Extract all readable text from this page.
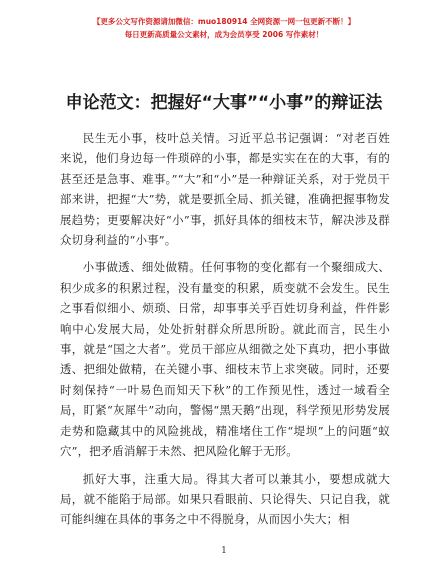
【更多公文写作资源请加微信：muo180914 全网资源一网一包更新不断！】
每日更新高质量公文素材，成为会员享受 2006 写作素材！
申论范文：把握好“大事”“小事”的辩证法

民生无小事，枝叶总关情。习近平总书记强调：“对老百姓来说，他们身边每一件琐碎的小事，都是实实在在的大事，有的甚至还是急事、难事。”“大”和“小”是一种辩证关系，对于党员干部来讲，把握“大”势，就是要抓全局、抓关键，准确把握事物发展趋势；更要解决好“小”事，抓好具体的细枝末节，解决涉及群众切身利益的“小事”。

小事做透、细处做精。任何事物的变化都有一个聚细成大、积少成多的积累过程，没有量变的积累，质变就不会发生。民生之事看似细小、烦琐、日常，却事事关乎百姓切身利益，件件影响中心发展大局，处处折射群众所思所盼。就此而言，民生小事，就是“国之大者”。党员干部应从细微之处下真功，把小事做透、把细处做精，在关键小事、细枝末节上求突破。同时，还要时刻保持“一叶易色而知天下秋”的工作预见性，透过一域看全局，盯紧“灰犀牛”动向，警惕“黑天鹅”出现，科学预见形势发展走势和隐藏其中的风险挑战，精准堵住工作“堤坝”上的问题“蚁穴”，把矛盾消解于未然、把风险化解于无形。

抓好大事，注重大局。得其大者可以兼其小，要想成就大局，就不能陷于局部。如果只看眼前、只论得失、只记自我，就可能纠缠在具体的事务之中不得脱身，从而因小失大；相

1
